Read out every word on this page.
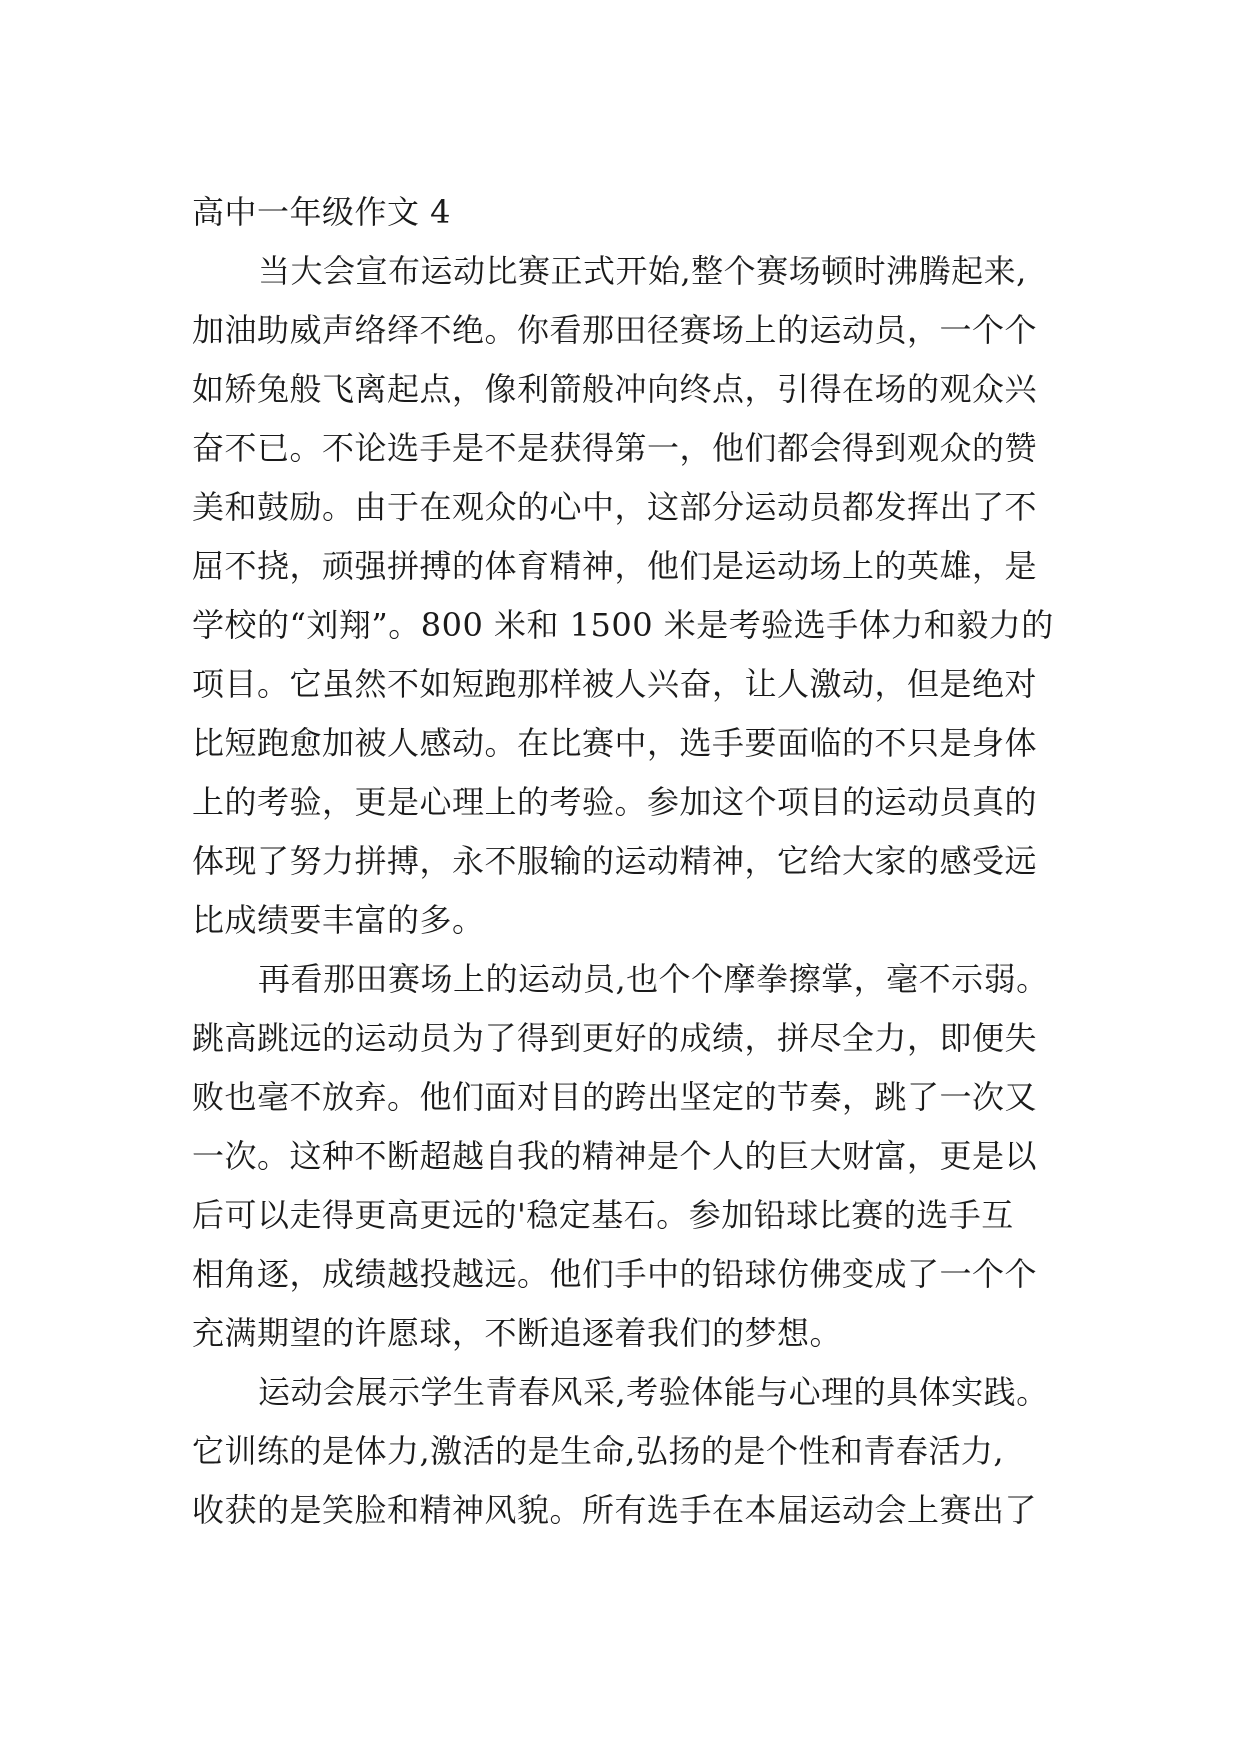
高中一年级作文 4
当大会宣布运动比赛正式开始,整个赛场顿时沸腾起来,
加油助威声络绎不绝。你看那田径赛场上的运动员，一个个
如矫兔般飞离起点，像利箭般冲向终点，引得在场的观众兴
奋不已。不论选手是不是获得第一，他们都会得到观众的赞
美和鼓励。由于在观众的心中，这部分运动员都发挥出了不
屈不挠，顽强拼搏的体育精神，他们是运动场上的英雄，是
学校的“刘翔”。800 米和 1500 米是考验选手体力和毅力的
项目。它虽然不如短跑那样被人兴奋，让人激动，但是绝对
比短跑愈加被人感动。在比赛中，选手要面临的不只是身体
上的考验，更是心理上的考验。参加这个项目的运动员真的
体现了努力拼搏，永不服输的运动精神，它给大家的感受远
比成绩要丰富的多。
再看那田赛场上的运动员,也个个摩拳擦掌，毫不示弱。
跳高跳远的运动员为了得到更好的成绩，拼尽全力，即便失
败也毫不放弃。他们面对目的跨出坚定的节奏，跳了一次又
一次。这种不断超越自我的精神是个人的巨大财富，更是以
后可以走得更高更远的'稳定基石。参加铅球比赛的选手互
相角逐，成绩越投越远。他们手中的铅球仿佛变成了一个个
充满期望的许愿球，不断追逐着我们的梦想。
运动会展示学生青春风采,考验体能与心理的具体实践。
它训练的是体力,激活的是生命,弘扬的是个性和青春活力,
收获的是笑脸和精神风貌。所有选手在本届运动会上赛出了
